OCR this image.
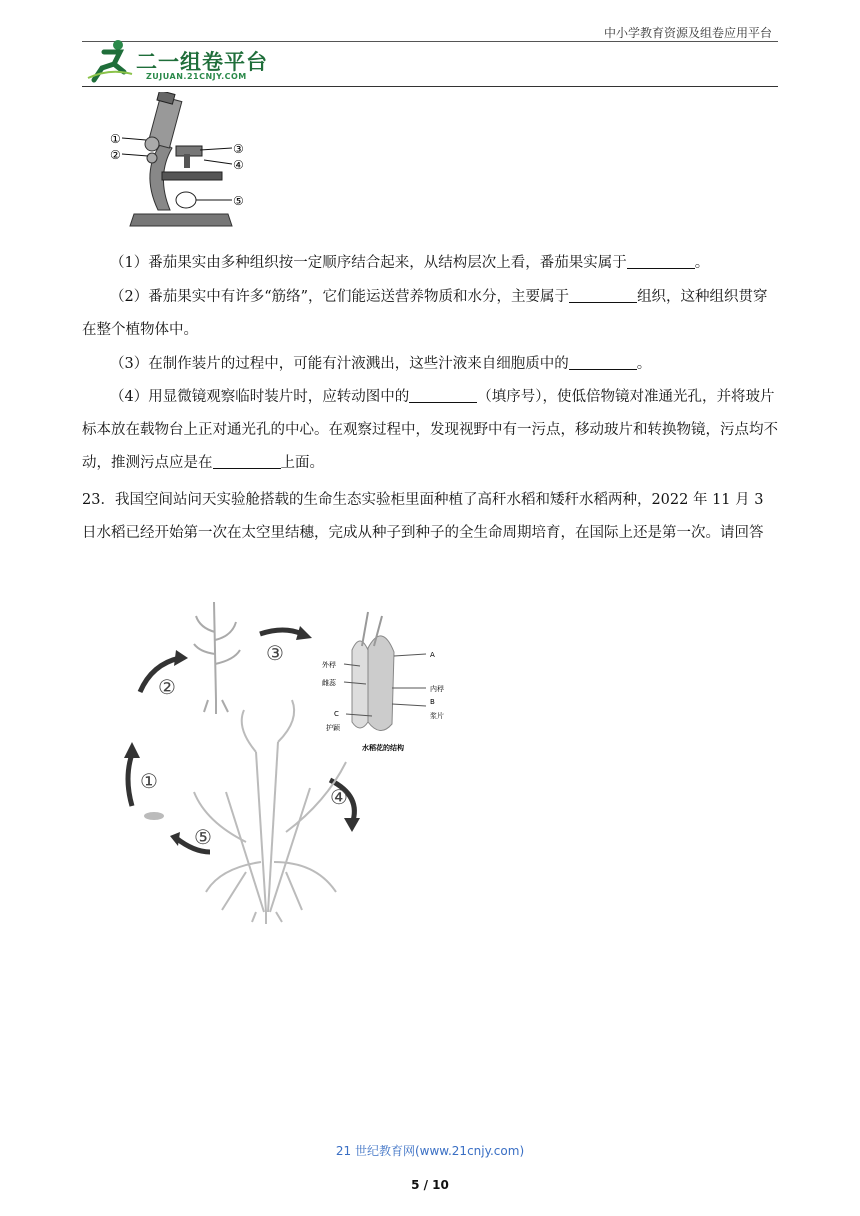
中小学教育资源及组卷应用平台
二一组卷平台
ZUJUAN.21CNJY.COM
①
②	③
④
⑤
（1）番茄果实由多种组织按一定顺序结合起来，从结构层次上看，番茄果实属于	。
（2）番茄果实中有许多“筋络”，它们能运送营养物质和水分，主要属于	组织，这种组织贯穿在整个植物体中。
（3）在制作装片的过程中，可能有汁液溅出，这些汁液来自细胞质中的	。
（4）用显微镜观察临时装片时，应转动图中的	（填序号），使低倍物镜对准通光孔，并将玻片标本放在载物台上正对通光孔的中心。在观察过程中，发现视野中有一污点，移动玻片和转换物镜，污点均不动，推测污点应是在	上面。
23．我国空间站问天实验舱搭载的生命生态实验柜里面种植了高秆水稻和矮秆水稻两种，2022 年 11 月 3 日水稻已经开始第一次在太空里结穗，完成从种子到种子的全生命周期培育，在国际上还是第一次。请回答
②
③
①
④
⑤
A
内稃
B
浆片
外稃
雌蕊
C
护颖
水稻花的结构
21 世纪教育网(www.21cnjy.com)
5 / 10
